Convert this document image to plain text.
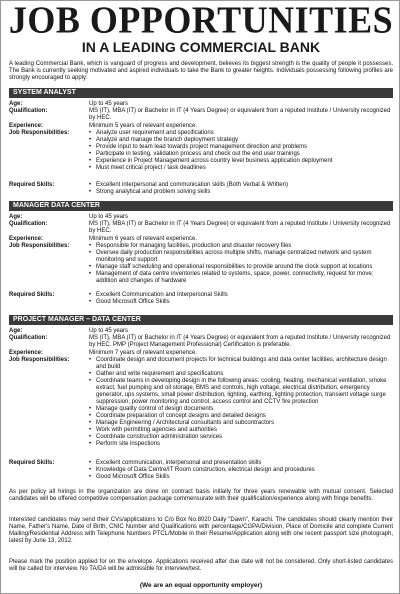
JOB OPPORTUNITIES
IN A LEADING COMMERCIAL BANK
A leading Commercial Bank, which is vanguard of progress and development, believes its biggest strength is the quality of people it possesses. The Bank is currently seeking motivated and aspired individuals to take the Bank to greater heights. Individuals possessing following profiles are strongly encouraged to apply:
SYSTEM ANALYST
Age:	Up to 45 years
Qualification:	MS (IT), MBA (IT) or Bachelor in IT (4 Years Degree) or equivalent from a reputed Institute / University recognized by HEC.
Experience:	Minimum 5 years of relevant experience.
Job Responsibilities:	• Analyze user requirement and specifications
• Analyze and manage the branch deployment strategy
• Provide input to team lead towards project management direction and problems
• Participate in testing, validation process and check out the end user trainings
• Experience in Project Management across country level business application deployment
• Must meet critical project / task deadlines
Required Skills:	• Excellent interpersonal and communication skills (Both Verbal & Written)
• Strong analytical and problem solving skills
MANAGER DATA CENTER
Age:	Up to 45 years
Qualification:	MS (IT), MBA (IT) or Bachelor in IT (4 Years Degree) or equivalent from a reputed Institute / University recognized by HEC.
Experience:	Minimum 6 years of relevant experience.
Job Responsibilities:	• Responsible for managing facilities, production and disaster recovery files
• Oversee daily production responsibilities across multiple shifts, manage centralized network and system monitoring and support
• Manage staff scheduling and operational responsibilities to provide around the clock support at locations
• Management of data centre inventories related to systems, space, power, connectivity, request for move; addition and changes of hardware
Required Skills:	• Excellent Communication and Interpersonal Skills
• Good Microsoft Office Skills
PROJECT MANAGER – DATA CENTER
Age:	Up to 45 years
Qualification:	MS (IT), MBA (IT) or Bachelor in IT (4 Years Degree) or equivalent from a reputed Institute / University recognized by HEC. PMP (Project Management Professional) Certification is preferable.
Experience:	Minimum 7 years of relevant experience.
Job Responsibilities:	• Coordinate design and document projects for technical buildings and data center facilities, architecture design and build
• Gather and write requirement and specifications
• Coordinate teams in developing design in the following areas: cooling, heating, mechanical ventilation, smoke extract, fuel pumping and oil storage, BMS and controls, high voltage, electrical distribution, emergency generator, ups systems, small power distribution, lighting, earthing, lighting protection, transient voltage surge suppression, power monitoring and control, access control and CCTV fire protection
• Manage quality control of design documents
• Coordinate preparation of concept designs and detailed designs
• Manage Engineering / Architectural consultants and subcontractors
• Work with permitting agencies and authorities
• Coordinate construction administration services
• Perform site inspections
Required Skills:	• Excellent communication, interpersonal and presentation skills
• Knowledge of Data Centre/IT Room construction, electrical design and procedures
• Good Microsoft Office Skills
As per policy all hirings in the organization are done on contract basis initially for three years renewable with mutual consent. Selected candidates will be offered competitive compensation package commensurate with their qualification/experience along with fringe benefits.
Interested candidates may send their CVs/applications to C/o Box No.8020 Daily "Dawn", Karachi. The candidates should clearly mention their Name, Father's Name, Date of Birth, CNIC Number and Qualifications with percentage/CGPA/Division, Place of Domicile and complete Current Mailing/Residential Address with Telephone Numbers PTCL/Mobile in their Resume/Application along with one recent passport size photograph, latest by June 13, 2012.
Please mark the position applied for on the envelope. Applications received after due date will not be considered. Only short-listed candidates will be called for interview. No TA/DA will be admissible for interview/test.
(We are an equal opportunity employer)
